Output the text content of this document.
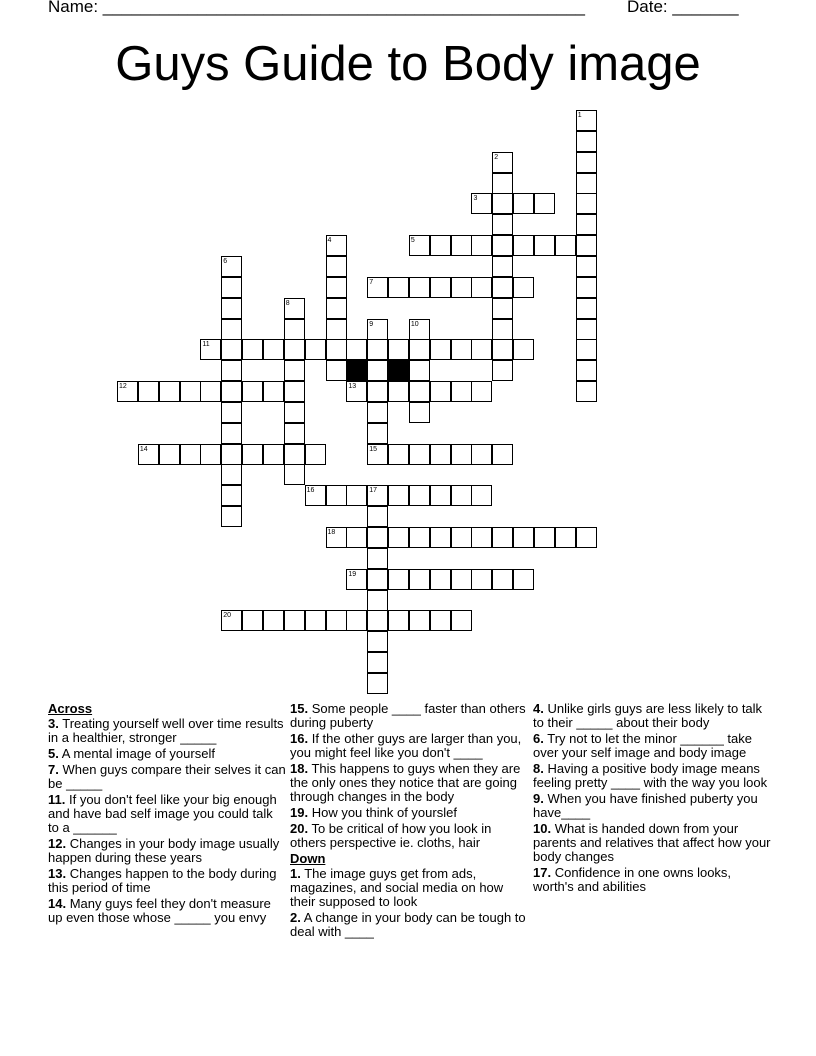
Name: ___________________________________________________ Date: _______
Guys Guide to Body image
1
2
3
4	5
6
7
8
9	10
11
12	13
14	15
16	17
18
19
20
Across
3. Treating yourself well over time results in a healthier, stronger _____
5. A mental image of yourself
7. When guys compare their selves it can be _____
11. If you don't feel like your big enough and have bad self image you could talk to a ______
12. Changes in your body image usually happen during these years
13. Changes happen to the body during this period of time
14. Many guys feel they don't measure up even those whose _____ you envy
15. Some people ____ faster than others during puberty
16. If the other guys are larger than you, you might feel like you don't ____
18. This happens to guys when they are the only ones they notice that are going through changes in the body
19. How you think of yourslef
20. To be critical of how you look in others perspective ie. cloths, hair
Down
1. The image guys get from ads, magazines, and social media on how their supposed to look
2. A change in your body can be tough to deal with ____
4. Unlike girls guys are less likely to talk to their _____ about their body
6. Try not to let the minor ______ take over your self image and body image
8. Having a positive body image means feeling pretty ____ with the way you look
9. When you have finished puberty you have____
10. What is handed down from your parents and relatives that affect how your body changes
17. Confidence in one owns looks, worth's and abilities
